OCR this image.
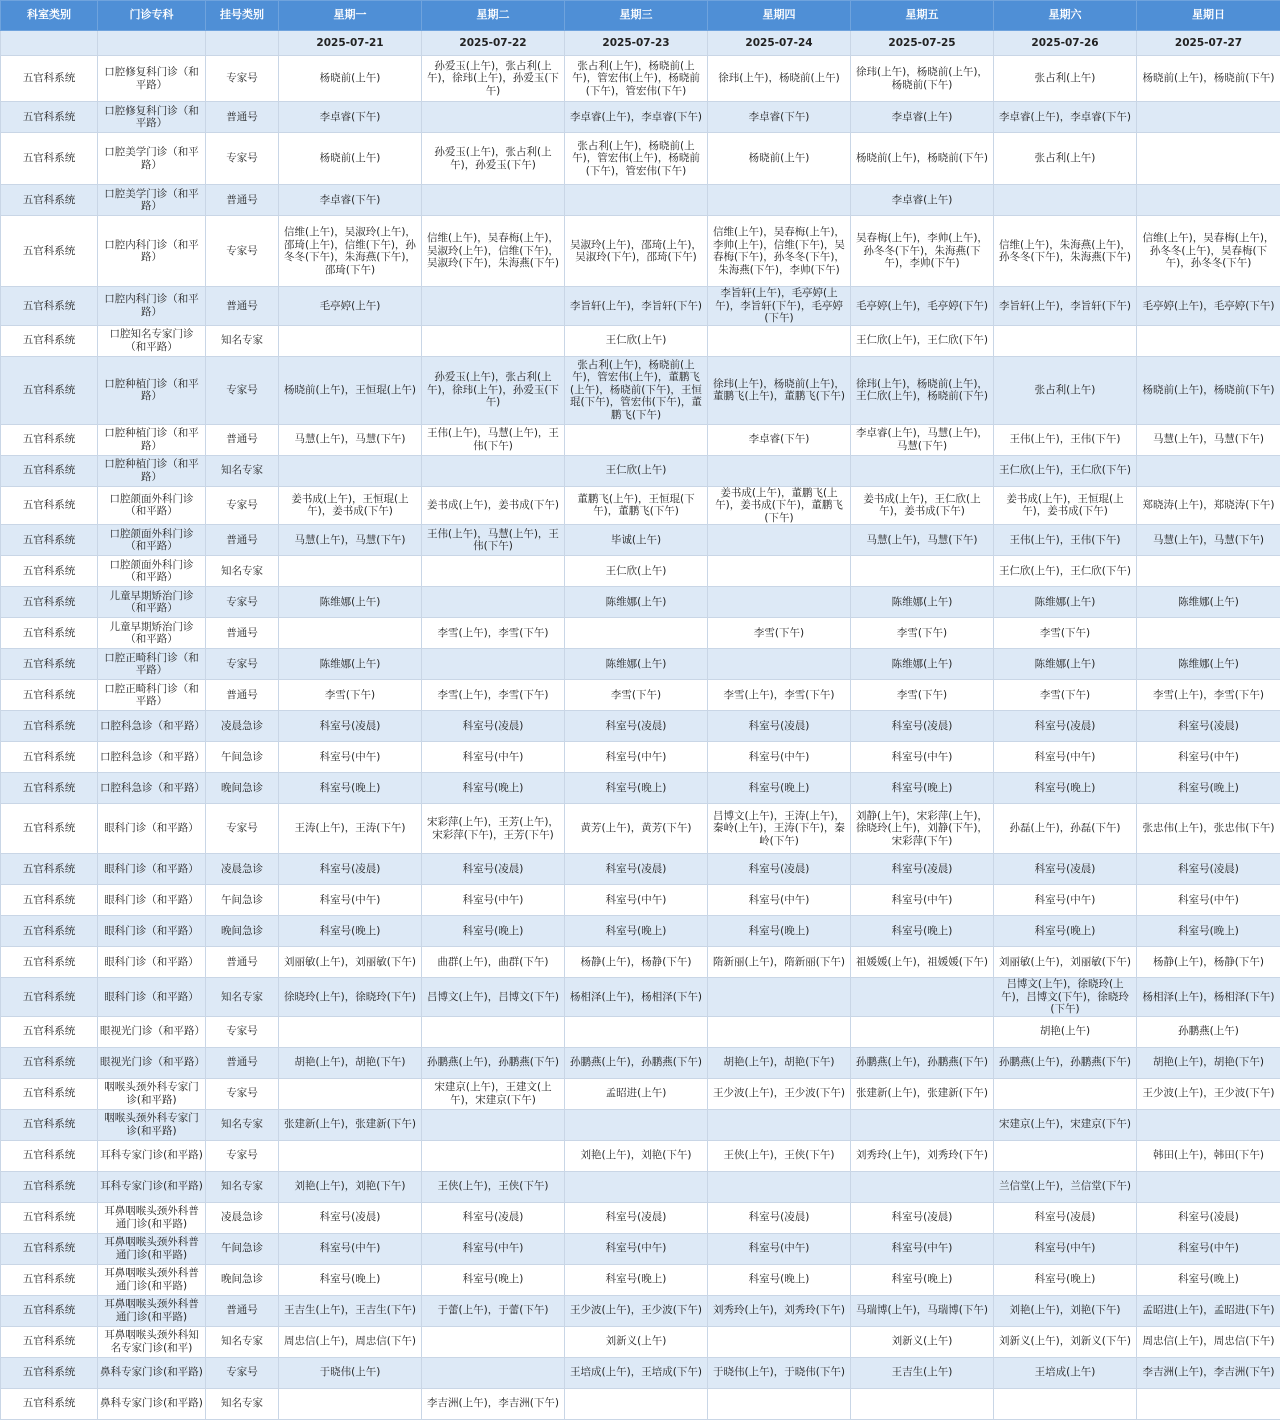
科室类别	门诊专科	挂号类别	星期一	星期二	星期三	星期四	星期五	星期六	星期日
			2025-07-21	2025-07-22	2025-07-23	2025-07-24	2025-07-25	2025-07-26	2025-07-27
五官科系统	口腔修复科门诊（和平路）	专家号	杨晓前(上午)	孙爱玉(上午)，张占利(上午)，徐玮(上午)，孙爱玉(下午)	张占利(上午)，杨晓前(上午)，管宏伟(上午)，杨晓前(下午)，管宏伟(下午)	徐玮(上午)，杨晓前(上午)	徐玮(上午)，杨晓前(上午)，杨晓前(下午)	张占利(上午)	杨晓前(上午)，杨晓前(下午)
五官科系统	口腔修复科门诊（和平路）	普通号	李卓睿(下午)		李卓睿(上午)，李卓睿(下午)	李卓睿(下午)	李卓睿(上午)	李卓睿(上午)，李卓睿(下午)	
五官科系统	口腔美学门诊（和平路）	专家号	杨晓前(上午)	孙爱玉(上午)，张占利(上午)，孙爱玉(下午)	张占利(上午)，杨晓前(上午)，管宏伟(上午)，杨晓前(下午)，管宏伟(下午)	杨晓前(上午)	杨晓前(上午)，杨晓前(下午)	张占利(上午)	
五官科系统	口腔美学门诊（和平路）	普通号	李卓睿(下午)				李卓睿(上午)		
五官科系统	口腔内科门诊（和平路）	专家号	信维(上午)，吴淑玲(上午)，邵琦(上午)，信维(下午)，孙冬冬(下午)，朱海燕(下午)，邵琦(下午)	信维(上午)，吴春梅(上午)，吴淑玲(上午)，信维(下午)，吴淑玲(下午)，朱海燕(下午)	吴淑玲(上午)，邵琦(上午)，吴淑玲(下午)，邵琦(下午)	信维(上午)，吴春梅(上午)，李帅(上午)，信维(下午)，吴春梅(下午)，孙冬冬(下午)，朱海燕(下午)，李帅(下午)	吴春梅(上午)，李帅(上午)，孙冬冬(下午)，朱海燕(下午)，李帅(下午)	信维(上午)，朱海燕(上午)，孙冬冬(下午)，朱海燕(下午)	信维(上午)，吴春梅(上午)，孙冬冬(上午)，吴春梅(下午)，孙冬冬(下午)
五官科系统	口腔内科门诊（和平路）	普通号	毛亭婷(上午)		李旨轩(上午)，李旨轩(下午)	李旨轩(上午)，毛亭婷(上午)，李旨轩(下午)，毛亭婷(下午)	毛亭婷(上午)，毛亭婷(下午)	李旨轩(上午)，李旨轩(下午)	毛亭婷(上午)，毛亭婷(下午)
五官科系统	口腔知名专家门诊（和平路）	知名专家			王仁欣(上午)		王仁欣(上午)，王仁欣(下午)		
五官科系统	口腔种植门诊（和平路）	专家号	杨晓前(上午)，王恒琨(上午)	孙爱玉(上午)，张占利(上午)，徐玮(上午)，孙爱玉(下午)	张占利(上午)，杨晓前(上午)，管宏伟(上午)，董鹏飞(上午)，杨晓前(下午)，王恒琨(下午)，管宏伟(下午)，董鹏飞(下午)	徐玮(上午)，杨晓前(上午)，董鹏飞(上午)，董鹏飞(下午)	徐玮(上午)，杨晓前(上午)，王仁欣(上午)，杨晓前(下午)	张占利(上午)	杨晓前(上午)，杨晓前(下午)
五官科系统	口腔种植门诊（和平路）	普通号	马慧(上午)，马慧(下午)	王伟(上午)，马慧(上午)，王伟(下午)		李卓睿(下午)	李卓睿(上午)，马慧(上午)，马慧(下午)	王伟(上午)，王伟(下午)	马慧(上午)，马慧(下午)
五官科系统	口腔种植门诊（和平路）	知名专家			王仁欣(上午)			王仁欣(上午)，王仁欣(下午)	
五官科系统	口腔颌面外科门诊（和平路）	专家号	姜书成(上午)，王恒琨(上午)，姜书成(下午)	姜书成(上午)，姜书成(下午)	董鹏飞(上午)，王恒琨(下午)，董鹏飞(下午)	姜书成(上午)，董鹏飞(上午)，姜书成(下午)，董鹏飞(下午)	姜书成(上午)，王仁欣(上午)，姜书成(下午)	姜书成(上午)，王恒琨(上午)，姜书成(下午)	郑晓涛(上午)，郑晓涛(下午)
五官科系统	口腔颌面外科门诊（和平路）	普通号	马慧(上午)，马慧(下午)	王伟(上午)，马慧(上午)，王伟(下午)	毕诚(上午)		马慧(上午)，马慧(下午)	王伟(上午)，王伟(下午)	马慧(上午)，马慧(下午)
五官科系统	口腔颌面外科门诊（和平路）	知名专家			王仁欣(上午)			王仁欣(上午)，王仁欣(下午)	
五官科系统	儿童早期矫治门诊（和平路）	专家号	陈维娜(上午)		陈维娜(上午)		陈维娜(上午)	陈维娜(上午)	陈维娜(上午)
五官科系统	儿童早期矫治门诊（和平路）	普通号		李雪(上午)，李雪(下午)		李雪(下午)	李雪(下午)	李雪(下午)	
五官科系统	口腔正畸科门诊（和平路）	专家号	陈维娜(上午)		陈维娜(上午)		陈维娜(上午)	陈维娜(上午)	陈维娜(上午)
五官科系统	口腔正畸科门诊（和平路）	普通号	李雪(下午)	李雪(上午)，李雪(下午)	李雪(下午)	李雪(上午)，李雪(下午)	李雪(下午)	李雪(下午)	李雪(上午)，李雪(下午)
五官科系统	口腔科急诊（和平路）	凌晨急诊	科室号(凌晨)	科室号(凌晨)	科室号(凌晨)	科室号(凌晨)	科室号(凌晨)	科室号(凌晨)	科室号(凌晨)
五官科系统	口腔科急诊（和平路）	午间急诊	科室号(中午)	科室号(中午)	科室号(中午)	科室号(中午)	科室号(中午)	科室号(中午)	科室号(中午)
五官科系统	口腔科急诊（和平路）	晚间急诊	科室号(晚上)	科室号(晚上)	科室号(晚上)	科室号(晚上)	科室号(晚上)	科室号(晚上)	科室号(晚上)
五官科系统	眼科门诊（和平路）	专家号	王涛(上午)，王涛(下午)	宋彩萍(上午)，王芳(上午)，宋彩萍(下午)，王芳(下午)	黄芳(上午)，黄芳(下午)	吕博文(上午)，王涛(上午)，秦岭(上午)，王涛(下午)，秦岭(下午)	刘静(上午)，宋彩萍(上午)，徐晓玲(上午)，刘静(下午)，宋彩萍(下午)	孙磊(上午)，孙磊(下午)	张忠伟(上午)，张忠伟(下午)
五官科系统	眼科门诊（和平路）	凌晨急诊	科室号(凌晨)	科室号(凌晨)	科室号(凌晨)	科室号(凌晨)	科室号(凌晨)	科室号(凌晨)	科室号(凌晨)
五官科系统	眼科门诊（和平路）	午间急诊	科室号(中午)	科室号(中午)	科室号(中午)	科室号(中午)	科室号(中午)	科室号(中午)	科室号(中午)
五官科系统	眼科门诊（和平路）	晚间急诊	科室号(晚上)	科室号(晚上)	科室号(晚上)	科室号(晚上)	科室号(晚上)	科室号(晚上)	科室号(晚上)
五官科系统	眼科门诊（和平路）	普通号	刘丽敏(上午)，刘丽敏(下午)	曲群(上午)，曲群(下午)	杨静(上午)，杨静(下午)	隋新丽(上午)，隋新丽(下午)	祖媛媛(上午)，祖媛媛(下午)	刘丽敏(上午)，刘丽敏(下午)	杨静(上午)，杨静(下午)
五官科系统	眼科门诊（和平路）	知名专家	徐晓玲(上午)，徐晓玲(下午)	吕博文(上午)，吕博文(下午)	杨相泽(上午)，杨相泽(下午)			吕博文(上午)，徐晓玲(上午)，吕博文(下午)，徐晓玲(下午)	杨相泽(上午)，杨相泽(下午)
五官科系统	眼视光门诊（和平路）	专家号						胡艳(上午)	孙鹏燕(上午)
五官科系统	眼视光门诊（和平路）	普通号	胡艳(上午)，胡艳(下午)	孙鹏燕(上午)，孙鹏燕(下午)	孙鹏燕(上午)，孙鹏燕(下午)	胡艳(上午)，胡艳(下午)	孙鹏燕(上午)，孙鹏燕(下午)	孙鹏燕(上午)，孙鹏燕(下午)	胡艳(上午)，胡艳(下午)
五官科系统	咽喉头颈外科专家门诊(和平路)	专家号		宋建京(上午)，王建文(上午)，宋建京(下午)	孟昭进(上午)	王少波(上午)，王少波(下午)	张建新(上午)，张建新(下午)		王少波(上午)，王少波(下午)
五官科系统	咽喉头颈外科专家门诊(和平路)	知名专家	张建新(上午)，张建新(下午)					宋建京(上午)，宋建京(下午)	
五官科系统	耳科专家门诊(和平路)	专家号			刘艳(上午)，刘艳(下午)	王侠(上午)，王侠(下午)	刘秀玲(上午)，刘秀玲(下午)		韩田(上午)，韩田(下午)
五官科系统	耳科专家门诊(和平路)	知名专家	刘艳(上午)，刘艳(下午)	王侠(上午)，王侠(下午)				兰信堂(上午)，兰信堂(下午)	
五官科系统	耳鼻咽喉头颈外科普通门诊(和平路)	凌晨急诊	科室号(凌晨)	科室号(凌晨)	科室号(凌晨)	科室号(凌晨)	科室号(凌晨)	科室号(凌晨)	科室号(凌晨)
五官科系统	耳鼻咽喉头颈外科普通门诊(和平路)	午间急诊	科室号(中午)	科室号(中午)	科室号(中午)	科室号(中午)	科室号(中午)	科室号(中午)	科室号(中午)
五官科系统	耳鼻咽喉头颈外科普通门诊(和平路)	晚间急诊	科室号(晚上)	科室号(晚上)	科室号(晚上)	科室号(晚上)	科室号(晚上)	科室号(晚上)	科室号(晚上)
五官科系统	耳鼻咽喉头颈外科普通门诊(和平路)	普通号	王吉生(上午)，王吉生(下午)	于蕾(上午)，于蕾(下午)	王少波(上午)，王少波(下午)	刘秀玲(上午)，刘秀玲(下午)	马瑞博(上午)，马瑞博(下午)	刘艳(上午)，刘艳(下午)	孟昭进(上午)，孟昭进(下午)
五官科系统	耳鼻咽喉头颈外科知名专家门诊(和平)	知名专家	周忠信(上午)，周忠信(下午)		刘新义(上午)		刘新义(上午)	刘新义(上午)，刘新义(下午)	周忠信(上午)，周忠信(下午)
五官科系统	鼻科专家门诊(和平路)	专家号	于晓伟(上午)		王培成(上午)，王培成(下午)	于晓伟(上午)，于晓伟(下午)	王吉生(上午)	王培成(上午)	李吉洲(上午)，李吉洲(下午)
五官科系统	鼻科专家门诊(和平路)	知名专家		李吉洲(上午)，李吉洲(下午)					
